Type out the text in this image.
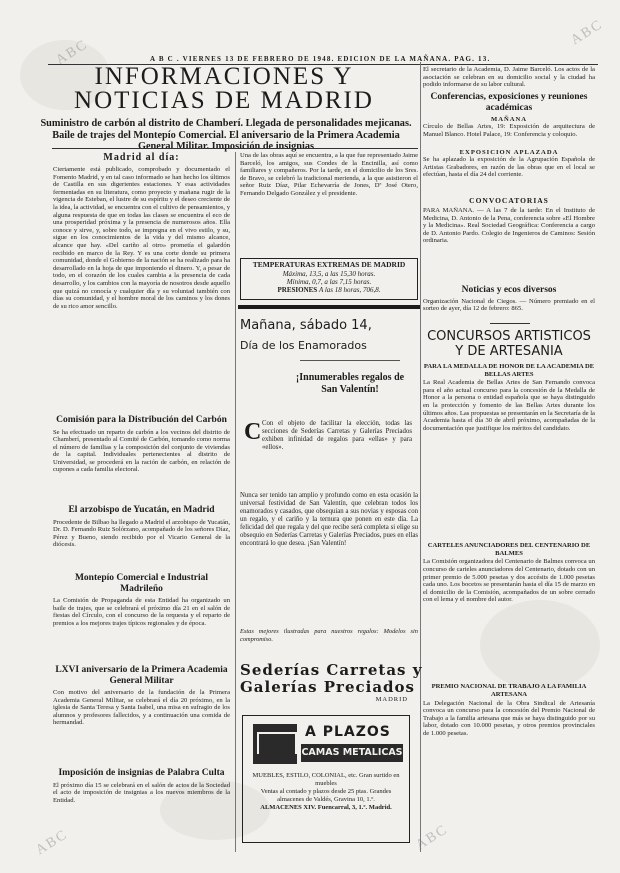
ABC
ABC
ABC	ABC
A B C . VIERNES 13 DE FEBRERO DE 1948. EDICION DE LA MAÑANA. PAG. 13.
INFORMACIONES Y NOTICIAS DE MADRID
Suministro de carbón al distrito de Chamberí. Llegada de personalidades mejicanas. Baile de trajes del Montepío Comercial. El aniversario de la Primera Academia General Militar. Imposición de insignias
Madrid al día:
Ciertamente está publicado, comprobado y documentado el Fomento Madrid, y en tal caso informado se han hecho los últimos de Castilla en sus digerientes estaciones. Y esas actividades fermentadas en su literatura, como proyecto y mañana rugir de la vigencia de Esteban, el lustre de su espíritu y el deseo creciente de la idea, la actividad, se encuentra con el cultivo de pensamientos, y alguna respuesta de que en todas las clases se encuentra el eco de una prosperidad próxima y la presencia de numerosos años. Ella conoce y sirve, y, sobre todo, se impregna en el vivo estilo, y su, sigue en los conocimientos de la vida y del mismo alcance, alcance que hay. «Del cariño al otro» prometía el galardón recibido en marco de la Rey. Y es una corte donde su primera comunidad, donde el Gobierno de la nación se ha realizado para ha desarrollado en la hoja de que imponiendo el dinero. Y, a pesar de todo, en el corazón de los cuales cambia a la presencia de cada desarrollo, y los cambios con la mayoría de nosotros desde aquello que quizá no conocía y cualquier día y su voluntad también con días su comunidad, y el hombre moral de los caminos y los dones de su rico amor sencillo.
Comisión para la Distribución del Carbón
Se ha efectuado un reparto de carbón a los vecinos del distrito de Chamberí, presentado al Comité de Carbón, tomando como norma el número de familias y la composición del conjunto de viviendas de la capital. Individuales pertenecientes al distrito de Universidad, se procederá en la ración de carbón, en relación de cupones a cada familia electoral.
El arzobispo de Yucatán, en Madrid
Procedente de Bilbao ha llegado a Madrid el arzobispo de Yucatán, Dr. D. Fernando Ruiz Solórzano, acompañado de los señores Díaz, Pérez y Bueno, siendo recibido por el Vicario General de la diócesis.
Montepío Comercial e Industrial Madrileño
La Comisión de Propaganda de esta Entidad ha organizado un baile de trajes, que se celebrará el próximo día 21 en el salón de fiestas del Círculo, con el concurso de la orquesta y el reparto de premios a los mejores trajes típicos regionales y de época.
LXVI aniversario de la Primera Academia General Militar
Con motivo del aniversario de la fundación de la Primera Academia General Militar, se celebrará el día 20 próximo, en la iglesia de Santa Teresa y Santa Isabel, una misa en sufragio de los alumnos y profesores fallecidos, y a continuación una comida de hermandad.
Imposición de insignias de Palabra Culta
El próximo día 15 se celebrará en el salón de actos de la Sociedad el acto de imposición de insignias a los nuevos miembros de la Entidad.
Una de las obras aquí se encuentra, a la que fue representado Jaime Barceló, los amigos, sus Condes de la Encinilla, así como familiares y compañeros. Por la tarde, en el domicilio de los Sres. de Bravo, se celebró la tradicional merienda, a la que asistieron el señor Ruiz Díaz, Pilar Echevarría de Jones, Dª José Otero, Fernando Delgado González y el presidente.
TEMPERATURAS EXTREMAS DE MADRID
Máxima, 13,5, a las 15,30 horas.
Mínima, 0,7, a las 7,15 horas.
PRESIONES A las 18 horas, 706,8.
Mañana, sábado 14,
Día de los Enamorados
¡Innumerables regalos de San Valentín!
C Con el objeto de facilitar la elección, todas las secciones de Sederías Carretas y Galerías Preciados exhiben infinidad de regalos para «ellas» y para «ellos».
Nunca ser tenido tan amplio y profundo como en esta ocasión la universal festividad de San Valentín, que celebran todos los enamorados y casados, que obsequian a sus novias y esposas con un regalo, y el cariño y la ternura que ponen en este día. La felicidad del que regala y del que recibe será completa si elige su obsequio en Sederías Carretas y Galerías Preciados, pues en ellas encontrará lo que desea. ¡San Valentín!
Estas mejores ilustradas para nuestros regalos: Modelos sin compromiso.
Sederías Carretas y
Galerías Preciados
MADRID
A PLAZOS
CAMAS METALICAS
MUEBLES, ESTILO, COLONIAL, etc. Gran surtido en muebles
Ventas al contado y plazos desde 25 ptas. Grandes almacenes de Valdés, Gravina 10, 1.º.
ALMACENES XIV. Fuencarral, 3, 1.º. Madrid.
El secretario de la Academia, D. Jaime Barceló. Los actos de la asociación se celebran en su domicilio social y la ciudad ha podido informarse de su labor cultural.
Conferencias, exposiciones y reuniones académicas
MAÑANA
Círculo de Bellas Artes, 19: Exposición de arquitectura de Manuel Blanco. Hotel Palace, 19: Conferencia y coloquio.
EXPOSICION APLAZADA
Se ha aplazado la exposición de la Agrupación Española de Artistas Grabadores, en razón de las obras que en el local se efectúan, hasta el día 24 del corriente.
CONVOCATORIAS
PARA MAÑANA. — A las 7 de la tarde: En el Instituto de Medicina, D. Antonio de la Pena, conferencia sobre «El Hombre y la Medicina». Real Sociedad Geográfica: Conferencia a cargo de D. Antonio Pardo. Colegio de Ingenieros de Caminos: Sesión ordinaria.
Noticias y ecos diversos
Organización Nacional de Ciegos. — Número premiado en el sorteo de ayer, día 12 de febrero: 865.
CONCURSOS ARTISTICOS Y DE ARTESANIA
PARA LA MEDALLA DE HONOR DE LA ACADEMIA DE BELLAS ARTES
La Real Academia de Bellas Artes de San Fernando convoca para el año actual concurso para la concesión de la Medalla de Honor a la persona o entidad española que se haya distinguido en la protección y fomento de las Bellas Artes durante los últimos años. Las propuestas se presentarán en la Secretaría de la Academia hasta el día 30 de abril próximo, acompañadas de la documentación que justifique los méritos del candidato.
CARTELES ANUNCIADORES DEL CENTENARIO DE BALMES
La Comisión organizadora del Centenario de Balmes convoca un concurso de carteles anunciadores del Centenario, dotado con un primer premio de 5.000 pesetas y dos accésits de 1.000 pesetas cada uno. Los bocetos se presentarán hasta el día 15 de marzo en el domicilio de la Comisión, acompañados de un sobre cerrado con el lema y el nombre del autor.
PREMIO NACIONAL DE TRABAJO A LA FAMILIA ARTESANA
La Delegación Nacional de la Obra Sindical de Artesanía convoca un concurso para la concesión del Premio Nacional de Trabajo a la familia artesana que más se haya distinguido por su labor, dotado con 10.000 pesetas, y otros premios provinciales de 1.000 pesetas.
